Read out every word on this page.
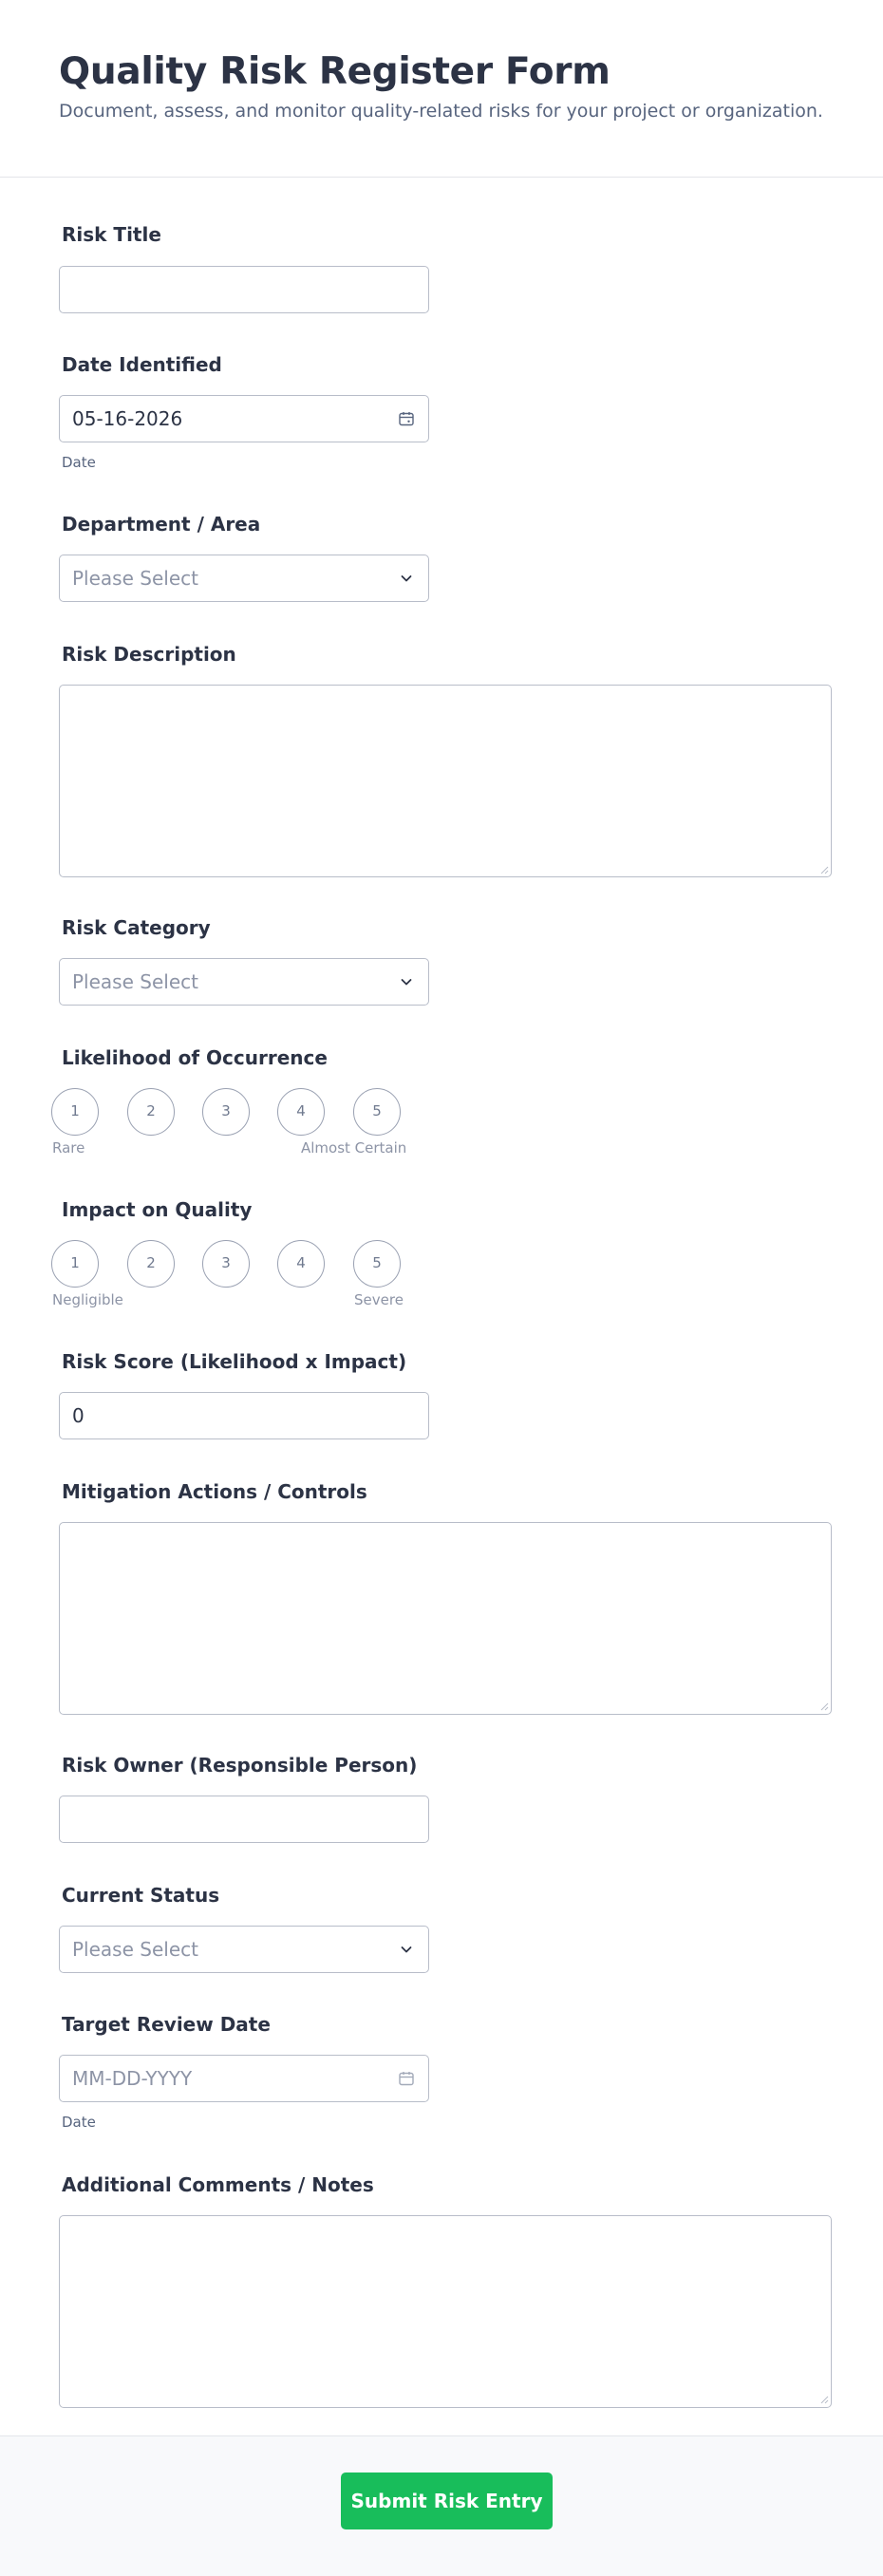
Quality Risk Register Form
Document, assess, and monitor quality-related risks for your project or organization.
Risk Title
Date Identified
05-16-2026
Date
Department / Area
Please Select
Risk Description
Risk Category
Please Select
Likelihood of Occurrence
1	2	3	4	5
Rare	Almost Certain
Impact on Quality
1	2	3	4	5
Negligible	Severe
Risk Score (Likelihood x Impact)
0
Mitigation Actions / Controls
Risk Owner (Responsible Person)
Current Status
Please Select
Target Review Date
MM-DD-YYYY
Date
Additional Comments / Notes
Submit Risk Entry
